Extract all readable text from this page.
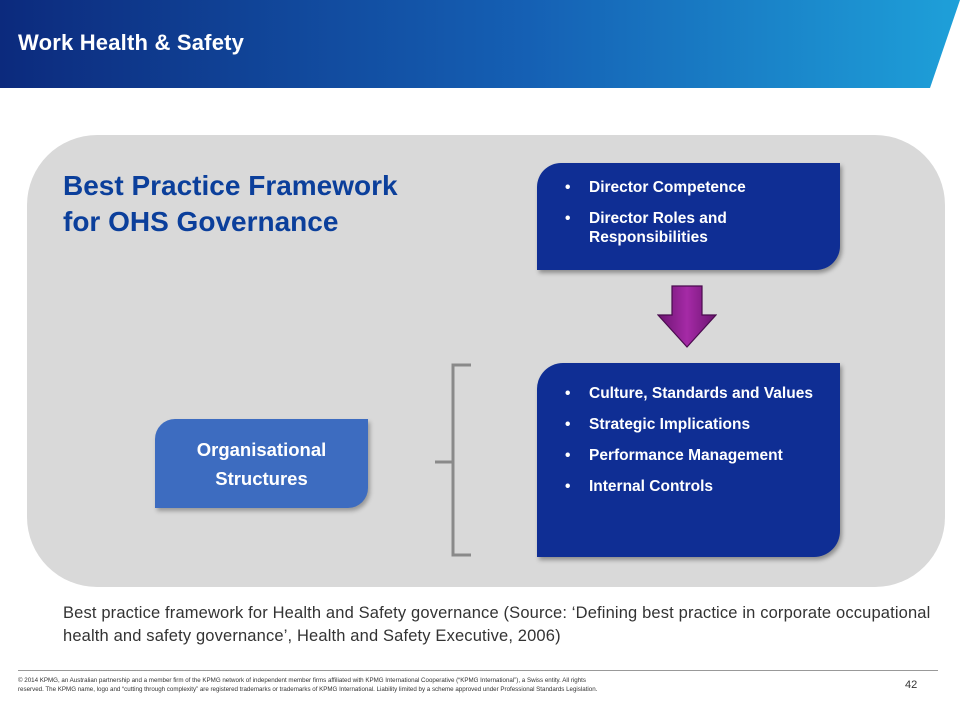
Work Health & Safety
Best Practice Framework
for OHS Governance
• Director Competence
• Director Roles and Responsibilities
• Culture, Standards and Values
• Strategic Implications
• Performance Management
• Internal Controls
Organisational
Structures
Best practice framework for Health and Safety governance (Source: ‘Defining best practice in corporate occupational health and safety governance’, Health and Safety Executive, 2006)
© 2014 KPMG, an Australian partnership and a member firm of the KPMG network of independent member firms affiliated with KPMG International Cooperative (“KPMG International”), a Swiss entity. All rights reserved. The KPMG name, logo and “cutting through complexity” are registered trademarks or trademarks of KPMG International. Liability limited by a scheme approved under Professional Standards Legislation.	42
